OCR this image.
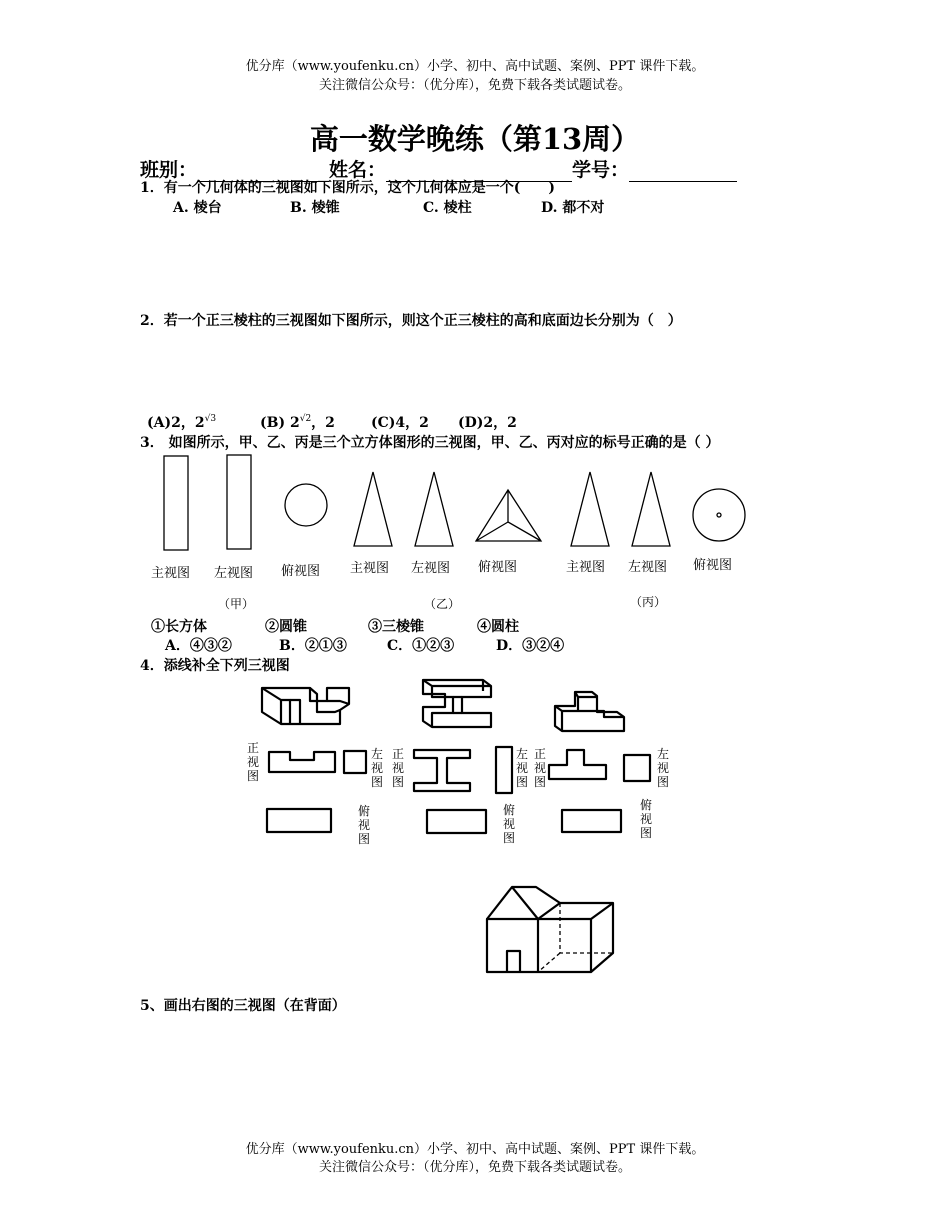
优分库（www.youfenku.cn）小学、初中、高中试题、案例、PPT 课件下载。
关注微信公众号：（优分库），免费下载各类试题试卷。
高一数学晚练（第13周）
班别：	姓名：	学号：
1．有一个几何体的三视图如下图所示，这个几何体应是一个(　　)
A. 棱台	B. 棱锥	C. 棱柱	D. 都不对
2．若一个正三棱柱的三视图如下图所示，则这个正三棱柱的高和底面边长分别为（　）
(A)2，$2^{√3}$	(B) $2^{√2}$，2	(C)4，2 (D)2，2
3． 如图所示，甲、乙、丙是三个立方体图形的三视图，甲、乙、丙对应的标号正确的是（ ）
主视图 左视图 俯视图 主视图 左视图 俯视图	主视图 左视图 俯视图
（甲）	（乙）	（丙）
①长方体	②圆锥	③三棱锥	④圆柱
A．④③②	B．②①③	C．①②③	D．③②④
4．添线补全下列三视图
正视图
左视图
正视图
左视图
正视图
左视图
俯视图
俯视图
俯视图
5、画出右图的三视图（在背面）
优分库（www.youfenku.cn）小学、初中、高中试题、案例、PPT 课件下载。
关注微信公众号：（优分库），免费下载各类试题试卷。
